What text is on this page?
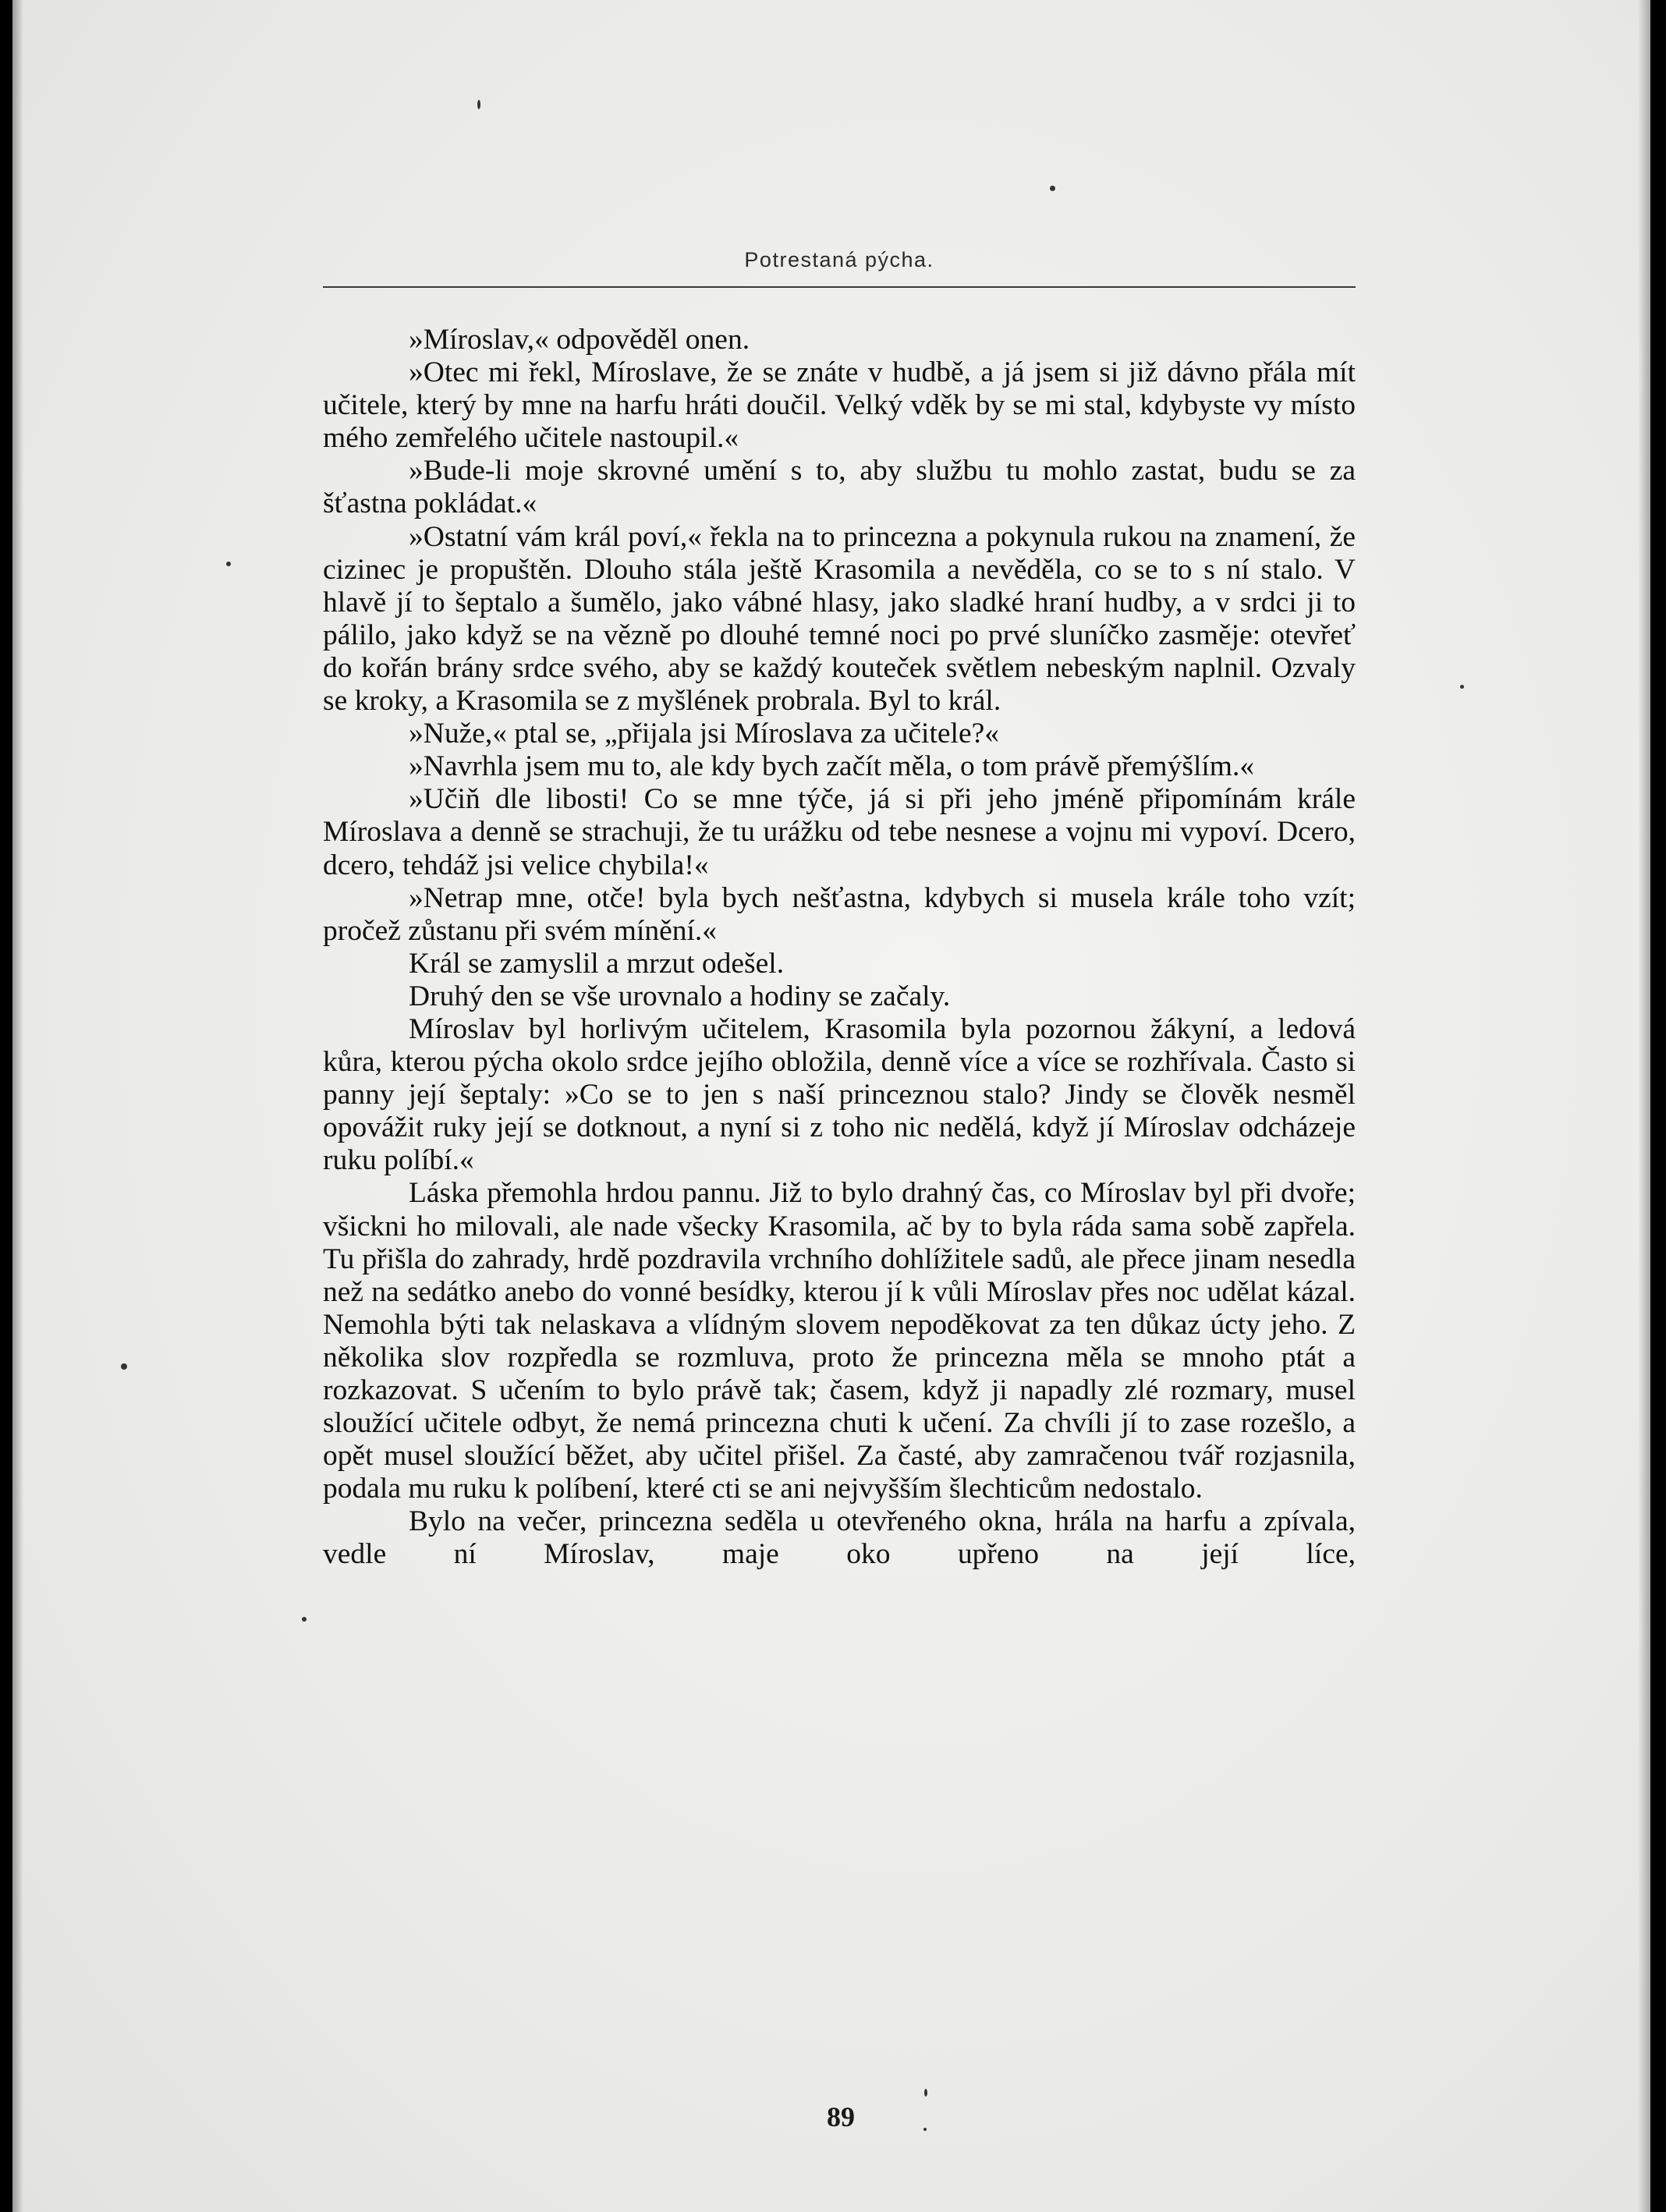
Potrestaná pýcha.

»Míroslav,« odpověděl onen.

»Otec mi řekl, Míroslave, že se znáte v hudbě, a já jsem si již dávno přála mít učitele, který by mne na harfu hráti doučil. Velký vděk by se mi stal, kdybyste vy místo mého zemřelého učitele nastoupil.«

»Bude-li moje skrovné umění s to, aby službu tu mohlo zastat, budu se za šťastna pokládat.«

»Ostatní vám král poví,« řekla na to princezna a pokynula rukou na znamení, že cizinec je propuštěn. Dlouho stála ještě Krasomila a nevěděla, co se to s ní stalo. V hlavě jí to šeptalo a šumělo, jako vábné hlasy, jako sladké hraní hudby, a v srdci ji to pálilo, jako když se na vězně po dlouhé temné noci po prvé sluníčko zasměje: otevřeť do kořán brány srdce svého, aby se každý koutеček světlem nebeským naplnil. Ozvaly se kroky, a Krasomila se z myšlének probrala. Byl to král.

»Nuže,« ptal se, „přijala jsi Míroslava za učitele?«

»Navrhla jsem mu to, ale kdy bych začít měla, o tom právě přemýšlím.«

»Učiň dle libosti! Co se mne týče, já si při jeho jméně připomínám krále Míroslava a denně se strachuji, že tu urážku od tebe nesnese a vojnu mi vypoví. Dcero, dcero, tehdáž jsi velice chybila!«

»Netrap mne, otče! byla bych nešťastna, kdybych si musela krále toho vzít; pročež zůstanu při svém mínění.«

Král se zamyslil a mrzut odešel.

Druhý den se vše urovnalo a hodiny se začaly.

Míroslav byl horlivým učitelem, Krasomila byla pozornou žákyní, a ledová kůra, kterou pýcha okolo srdce jejího obložila, denně více a více se rozhřívala. Často si panny její šeptaly: »Co se to jen s naší princeznou stalo? Jindy se člověk nesměl opovážit ruky její se dotknout, a nyní si z toho nic nedělá, když jí Míroslav odcházeje ruku políbí.«

Láska přemohla hrdou pannu. Již to bylo drahný čas, co Míroslav byl při dvoře; všickni ho milovali, ale nade všecky Krasomila, ač by to byla ráda sama sobě zapřela. Tu přišla do zahrady, hrdě pozdravila vrchního dohlížitele sadů, ale přece jinam nesedla než na sedátko anebo do vonné besídky, kterou jí k vůli Míroslav přes noc udělat kázal. Nemohla býti tak nelaskava a vlídným slovem nepoděkovat za ten důkaz úcty jeho. Z několika slov rozpředla se rozmluva, proto že princezna měla se mnoho ptát a rozkazovat. S učením to bylo právě tak; časem, když ji napadly zlé rozmary, musel sloužící učitele odbyt, že nemá princezna chuti k učení. Za chvíli jí to zase rozešlo, a opět musel sloužící běžet, aby učitel přišel. Za časté, aby zamračenou tvář rozjasnila, podala mu ruku k políbení, které cti se ani nejvyšším šlechticům nedostalo.

Bylo na večer, princezna seděla u otevřeného okna, hrála na harfu a zpívala, vedle ní Míroslav, maje oko upřeno na její líce,

89
